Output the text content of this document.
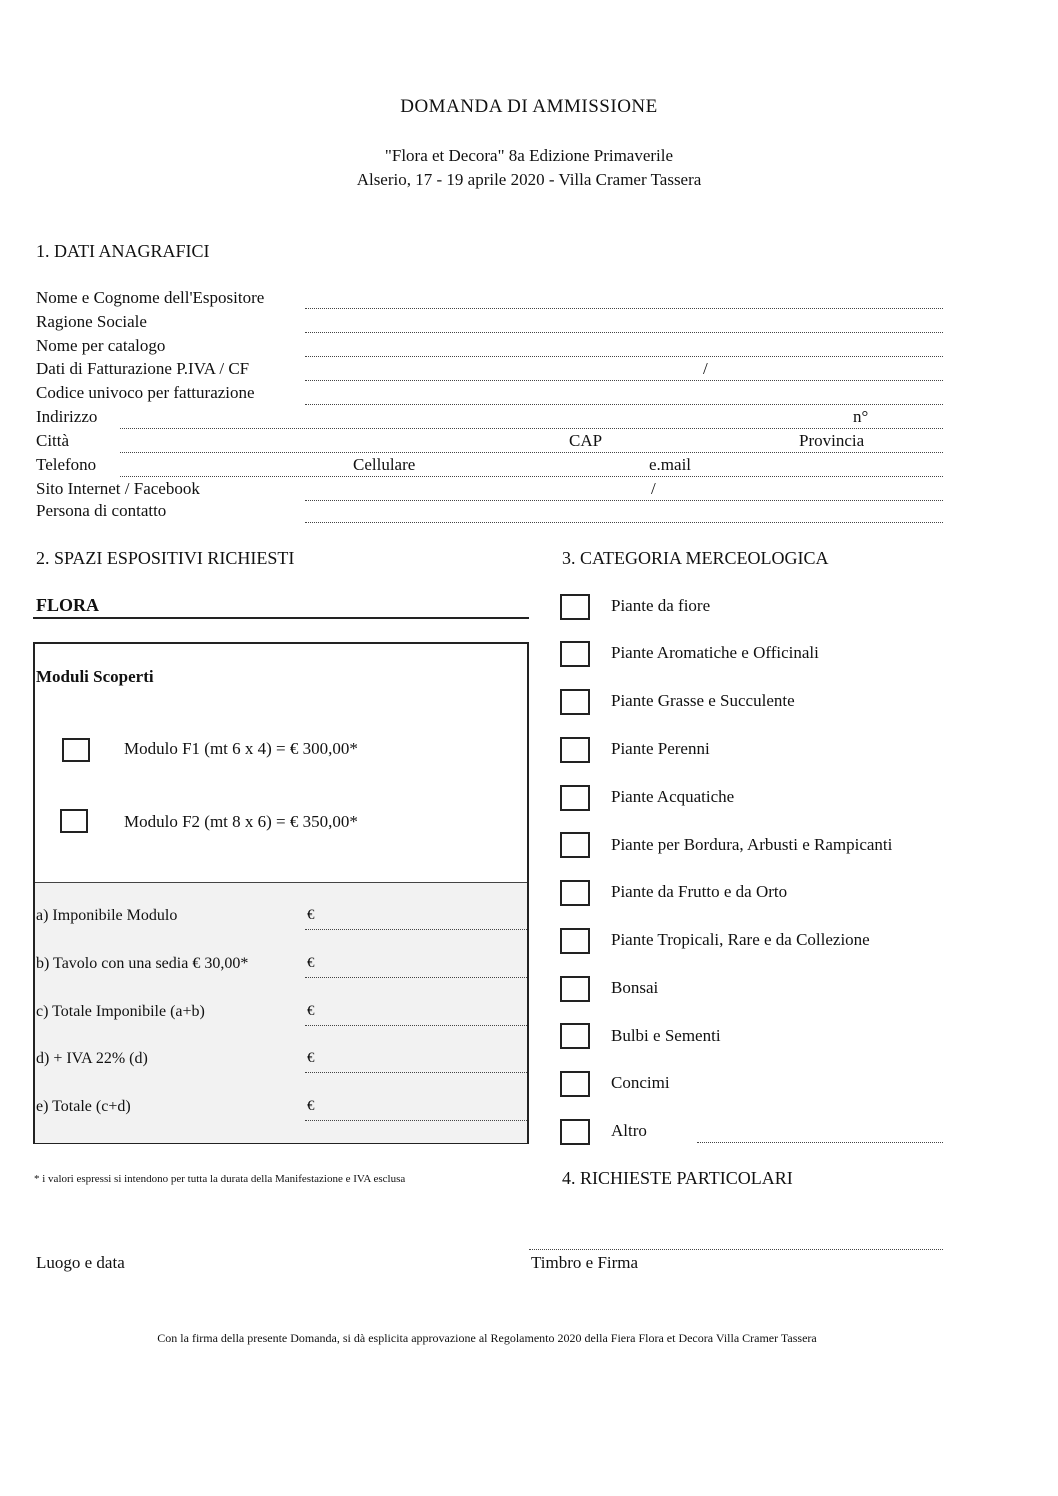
DOMANDA DI AMMISSIONE
"Flora et Decora" 8a Edizione Primaverile
Alserio, 17 - 19 aprile 2020 - Villa Cramer Tassera
1. DATI ANAGRAFICI
Nome e Cognome dell'Espositore
Ragione Sociale
Nome per catalogo
Dati di Fatturazione P.IVA / CF	/
Codice univoco per fatturazione
Indirizzo	n°
Città	CAP	Provincia
Telefono	Cellulare	e.mail
Sito Internet / Facebook	/
Persona di contatto
2. SPAZI ESPOSITIVI RICHIESTI
FLORA
Moduli Scoperti
Modulo F1 (mt 6 x 4) = € 300,00*
Modulo F2 (mt 8 x 6) = € 350,00*
a) Imponibile Modulo	€
b) Tavolo con una sedia € 30,00*	€
c) Totale Imponibile (a+b)	€
d) + IVA 22% (d)	€
e) Totale (c+d)	€
* i valori espressi si intendono per tutta la durata della Manifestazione e IVA esclusa
3. CATEGORIA MERCEOLOGICA
Piante da fiore
Piante Aromatiche e Officinali
Piante Grasse e Succulente
Piante Perenni
Piante Acquatiche
Piante per Bordura, Arbusti e Rampicanti
Piante da Frutto e da Orto
Piante Tropicali, Rare e da Collezione
Bonsai
Bulbi e Sementi
Concimi
Altro
4. RICHIESTE PARTICOLARI
Luogo e data	Timbro e Firma
Con la firma della presente Domanda, si dà esplicita approvazione al Regolamento 2020 della Fiera Flora et Decora Villa Cramer Tassera
